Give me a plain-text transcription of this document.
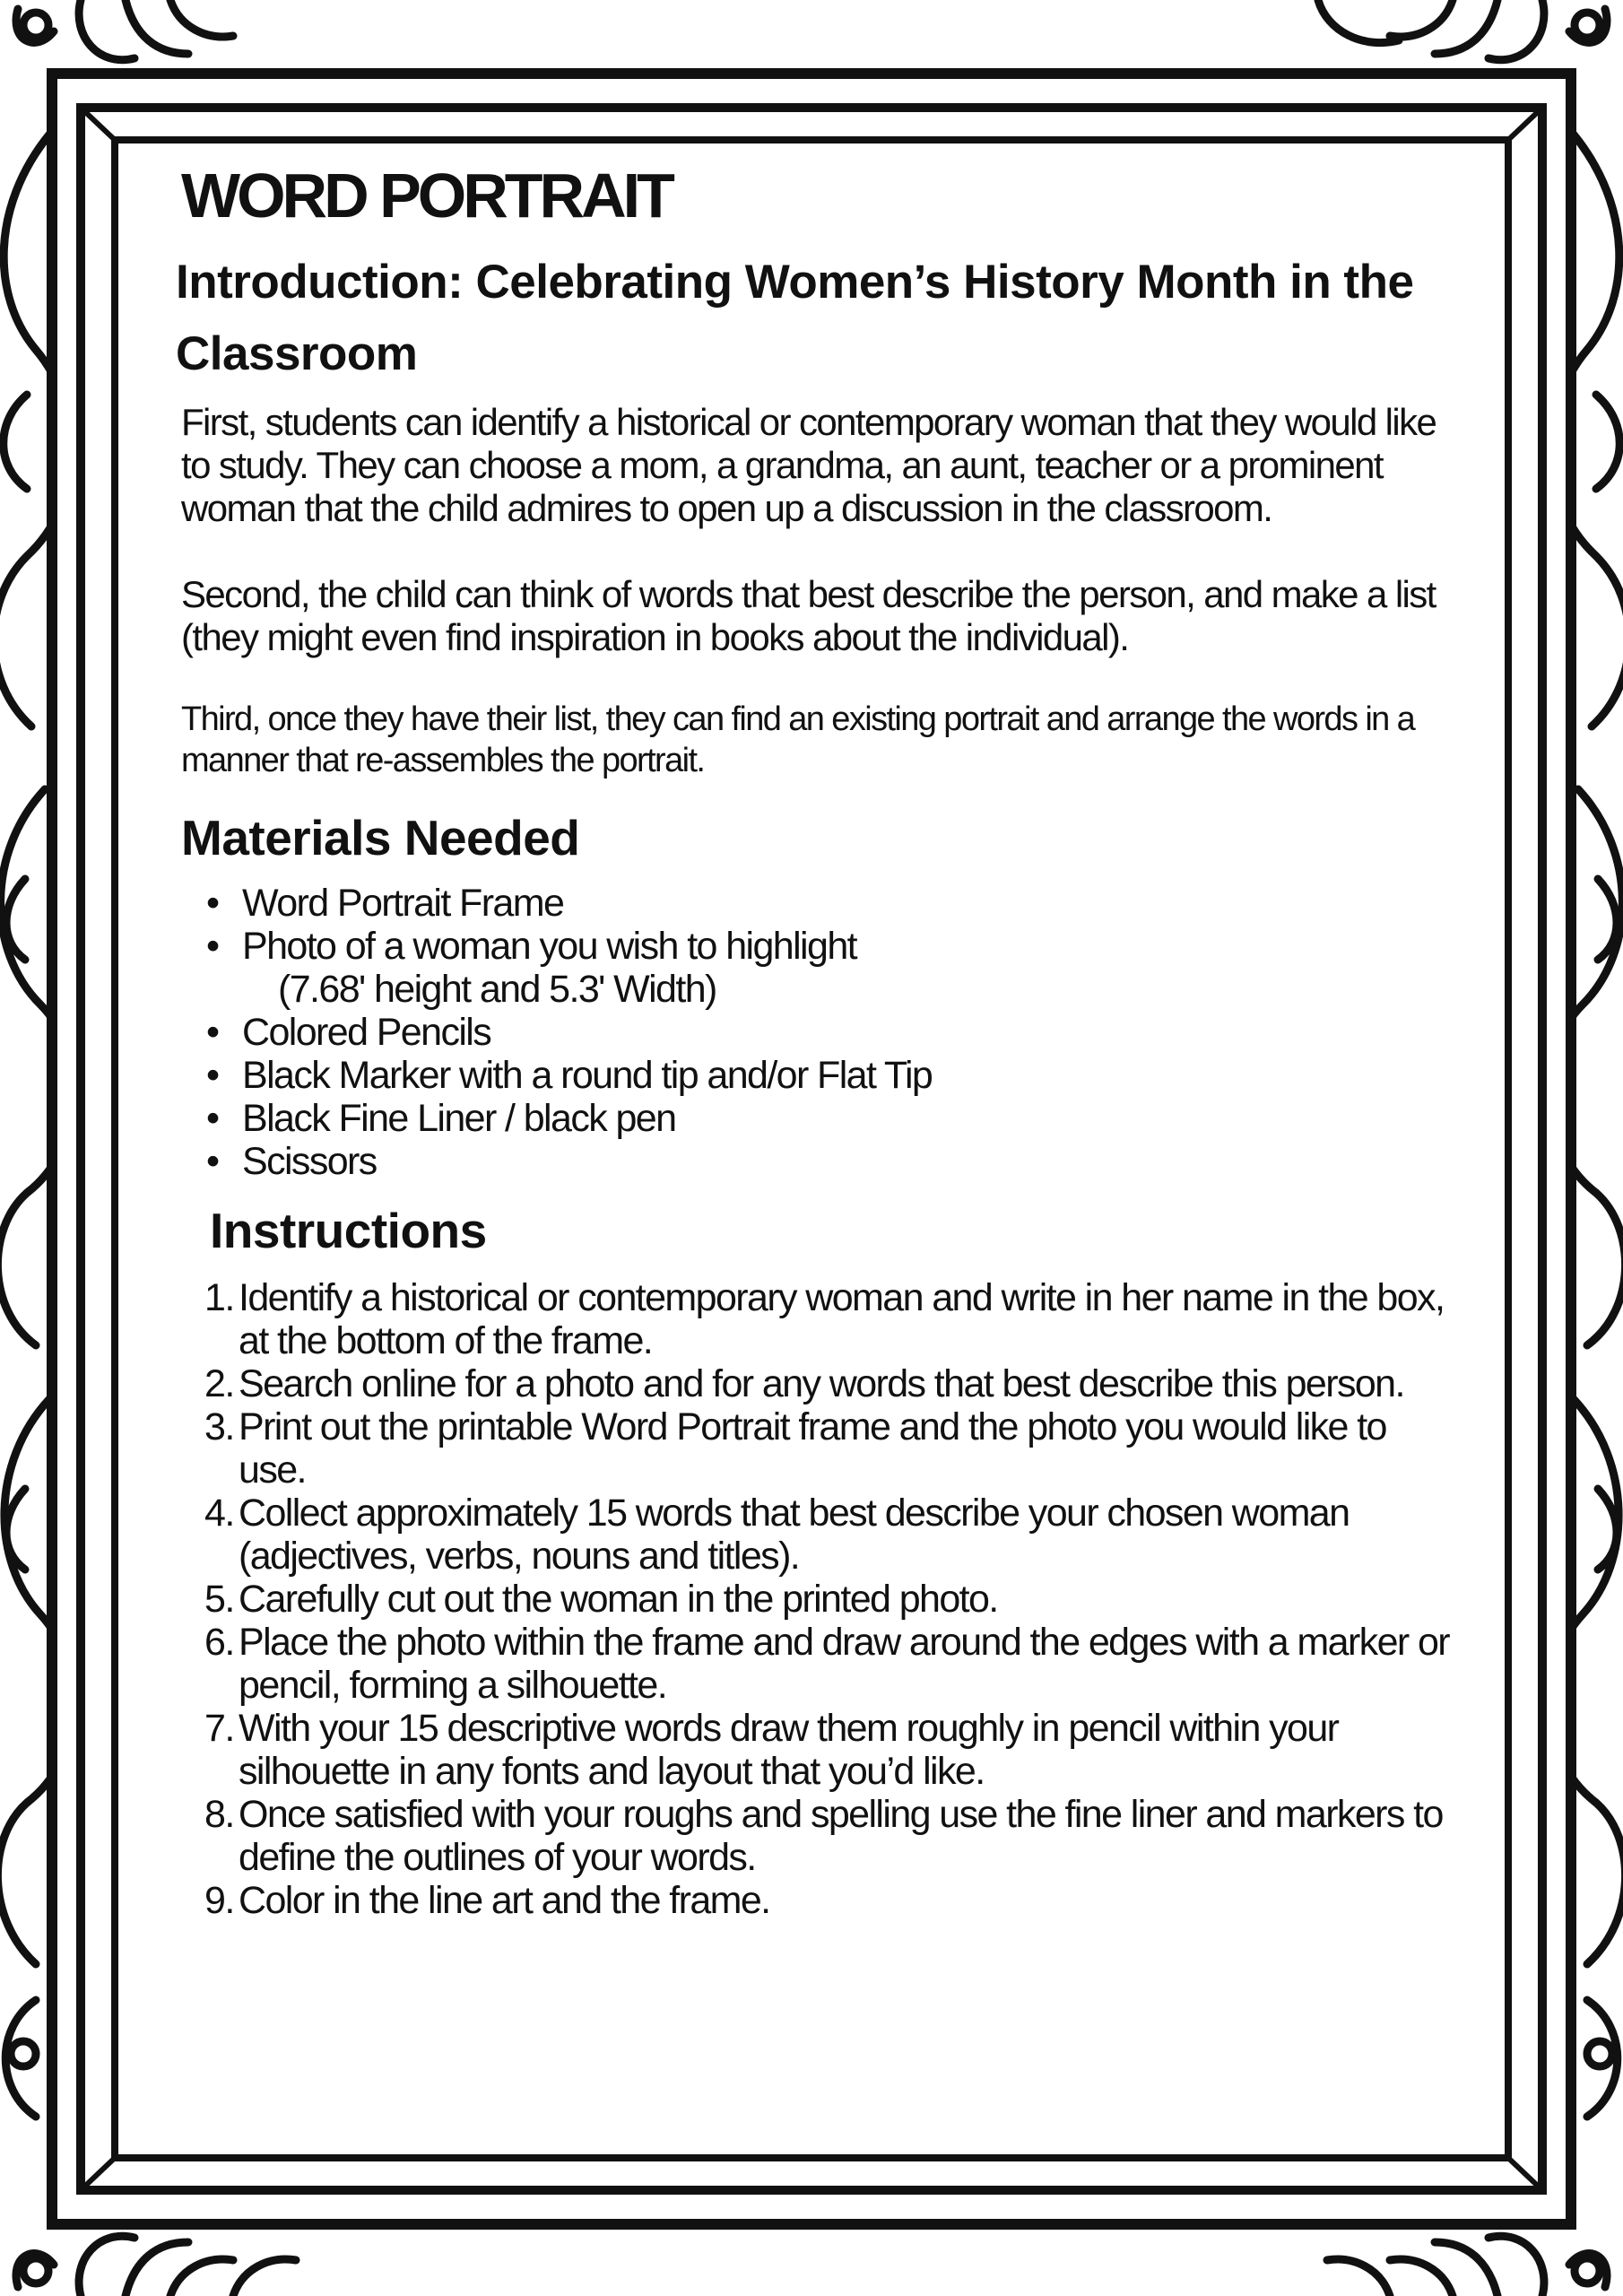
WORD PORTRAIT
Introduction: Celebrating Women’s History Month in the Classroom

First, students can identify a historical or contemporary woman that they would like to study. They can choose a mom, a grandma, an aunt, teacher or a prominent woman that the child admires to open up a discussion in the classroom.

Second, the child can think of words that best describe the person, and make a list (they might even find inspiration in books about the individual).

Third, once they have their list, they can find an existing portrait and arrange the words in a manner that re-assembles the portrait.

Materials Needed
• Word Portrait Frame
• Photo of a woman you wish to highlight
(7.68' height and 5.3' Width)
• Colored Pencils
• Black Marker with a round tip and/or Flat Tip
• Black Fine Liner / black pen
• Scissors
Instructions
1. Identify a historical or contemporary woman and write in her name in the box, at the bottom of the frame.
2. Search online for a photo and for any words that best describe this person.
3. Print out the printable Word Portrait frame and the photo you would like to use.
4. Collect approximately 15 words that best describe your chosen woman (adjectives, verbs, nouns and titles).
5. Carefully cut out the woman in the printed photo.
6. Place the photo within the frame and draw around the edges with a marker or pencil, forming a silhouette.
7. With your 15 descriptive words draw them roughly in pencil within your silhouette in any fonts and layout that you’d like.
8. Once satisfied with your roughs and spelling use the fine liner and markers to define the outlines of your words.
9. Color in the line art and the frame.
